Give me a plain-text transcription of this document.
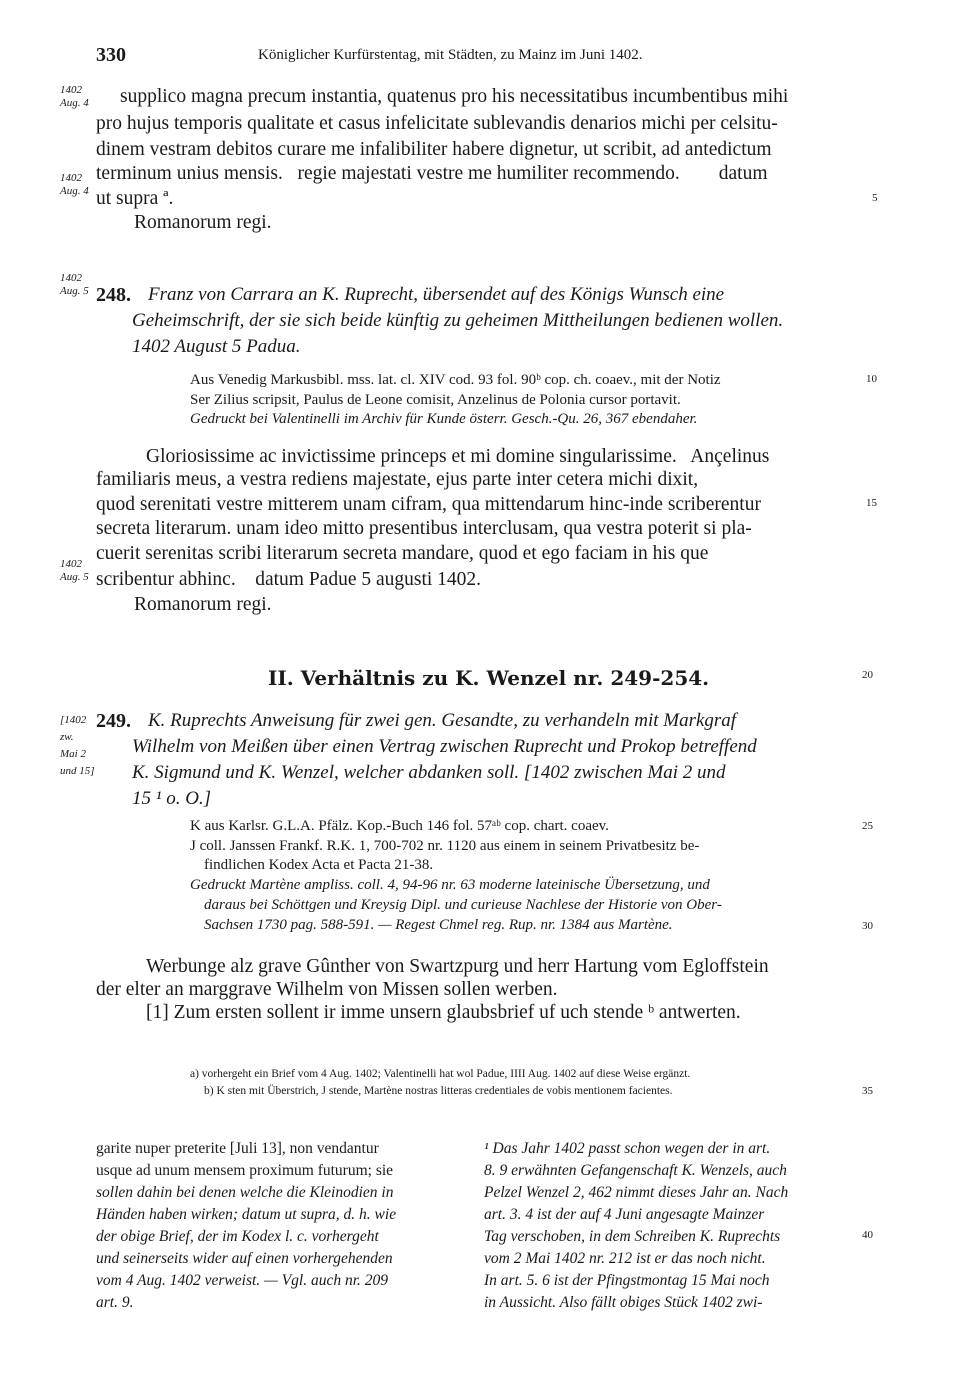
330	Königlicher Kurfürstentag, mit Städten, zu Mainz im Juni 1402.
1402
Aug. 4
1402
Aug. 4
1402
Aug. 5
1402
Aug. 5
[1402
zw.
Mai 2
und 15]
5
10
15
20
25
30
35
40
supplico magna precum instantia, quatenus pro his necessitatibus incumbentibus mihi
pro hujus temporis qualitate et casus infelicitate sublevandis denarios michi per celsitu-
dinem vestram debitos curare me infalibiliter habere dignetur, ut scribit, ad antedictum
terminum unius mensis.   regie majestati vestre me humiliter recommendo.        datum
ut supra ª.
Romanorum regi.
248. Franz von Carrara an K. Ruprecht, übersendet auf des Königs Wunsch eine
Geheimschrift, der sie sich beide künftig zu geheimen Mittheilungen bedienen wollen.
1402 August 5 Padua.
Aus Venedig Markusbibl. mss. lat. cl. XIV cod. 93 fol. 90ᵇ cop. ch. coaev., mit der Notiz
Ser Zilius scripsit, Paulus de Leone comisit, Anzelinus de Polonia cursor portavit.
Gedruckt bei Valentinelli im Archiv für Kunde österr. Gesch.-Qu. 26, 367 ebendaher.
Gloriosissime ac invictissime princeps et mi domine singularissime.   Ançelinus
familiaris meus, a vestra rediens majestate, ejus parte inter cetera michi dixit,
quod serenitati vestre mitterem unam cifram, qua mittendarum hinc-inde scriberentur
secreta literarum. unam ideo mitto presentibus interclusam, qua vestra poterit si pla-
cuerit serenitas scribi literarum secreta mandare, quod et ego faciam in his que
scribentur abhinc.    datum Padue 5 augusti 1402.
Romanorum regi.
II. Verhältnis zu K. Wenzel nr. 249-254.
249. K. Ruprechts Anweisung für zwei gen. Gesandte, zu verhandeln mit Markgraf
Wilhelm von Meißen über einen Vertrag zwischen Ruprecht und Prokop betreffend
K. Sigmund und K. Wenzel, welcher abdanken soll. [1402 zwischen Mai 2 und
15 ¹ o. O.]
K aus Karlsr. G.L.A. Pfälz. Kop.-Buch 146 fol. 57ᵃᵇ cop. chart. coaev.
J coll. Janssen Frankf. R.K. 1, 700-702 nr. 1120 aus einem in seinem Privatbesitz be-
findlichen Kodex Acta et Pacta 21-38.
Gedruckt Martène ampliss. coll. 4, 94-96 nr. 63 moderne lateinische Übersetzung, und
daraus bei Schöttgen und Kreysig Dipl. und curieuse Nachlese der Historie von Ober-
Sachsen 1730 pag. 588-591. — Regest Chmel reg. Rup. nr. 1384 aus Martène.
Werbunge alz grave Gûnther von Swartzpurg und herr Hartung vom Egloffstein
der elter an marggrave Wilhelm von Missen sollen werben.
[1] Zum ersten sollent ir imme unsern glaubsbrief uf uch stende ᵇ antwerten.
a) vorhergeht ein Brief vom 4 Aug. 1402; Valentinelli hat wol Padue, IIII Aug. 1402 auf diese Weise ergänzt.
b) K sten mit Überstrich, J stende, Martène nostras litteras credentiales de vobis mentionem facientes.
garite nuper preterite [Juli 13], non vendantur
usque ad unum mensem proximum futurum; sie
sollen dahin bei denen welche die Kleinodien in
Händen haben wirken; datum ut supra, d. h. wie
der obige Brief, der im Kodex l. c. vorhergeht
und seinerseits wider auf einen vorhergehenden
vom 4 Aug. 1402 verweist. — Vgl. auch nr. 209
art. 9.
¹ Das Jahr 1402 passt schon wegen der in art.
8. 9 erwähnten Gefangenschaft K. Wenzels, auch
Pelzel Wenzel 2, 462 nimmt dieses Jahr an. Nach
art. 3. 4 ist der auf 4 Juni angesagte Mainzer
Tag verschoben, in dem Schreiben K. Ruprechts
vom 2 Mai 1402 nr. 212 ist er das noch nicht.
In art. 5. 6 ist der Pfingstmontag 15 Mai noch
in Aussicht. Also fällt obiges Stück 1402 zwi-
